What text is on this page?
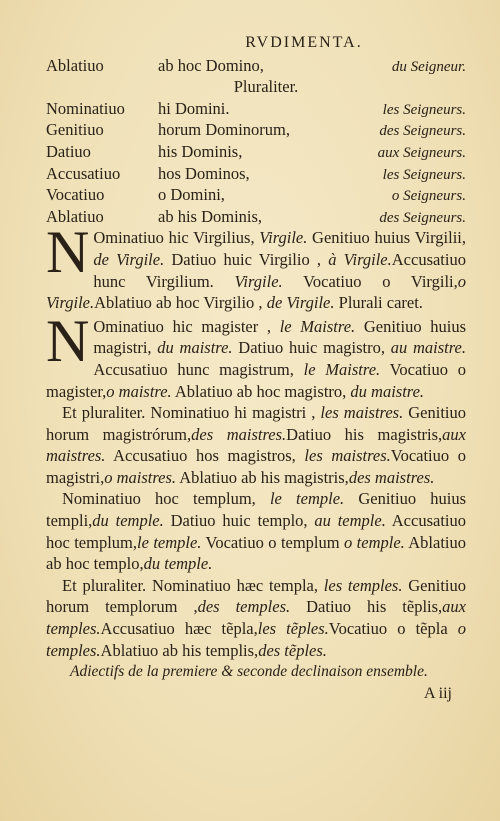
RVDIMENTA.
Ablatiuo	ab hoc Domino,	du Seigneur.
Pluraliter.
Nominatiuo	hi Domini.	les Seigneurs.
Genitiuo	horum Dominorum,	des Seigneurs.
Datiuo	his Dominis,	aux Seigneurs.
Accusatiuo	hos Dominos,	les Seigneurs.
Vocatiuo	o Domini,	o Seigneurs.
Ablatiuo	ab his Dominis,	des Seigneurs.

N Ominatiuo hic Virgilius, Virgile. Genitiuo huius Virgilii, de Virgile. Datiuo huic Virgilio , à Virgile.Accusatiuo hunc Virgilium. Virgile. Vocatiuo o Virgili,o Virgile.Ablatiuo ab hoc Virgilio , de Virgile. Plurali caret.

N Ominatiuo hic magister , le Maistre. Genitiuo huius magistri, du maistre. Datiuo huic magistro, au maistre. Accusatiuo hunc magistrum, le Maistre. Vocatiuo o magister,o maistre. Ablatiuo ab hoc magistro, du maistre.

Et pluraliter. Nominatiuo hi magistri , les maistres. Genitiuo horum magistrórum,des maistres.Datiuo his magistris,aux maistres. Accusatiuo hos magistros, les maistres.Vocatiuo o magistri,o maistres. Ablatiuo ab his magistris,des maistres.

Nominatiuo hoc templum, le temple. Genitiuo huius templi,du temple. Datiuo huic templo, au temple. Accusatiuo hoc templum,le temple. Vocatiuo o templum o temple. Ablatiuo ab hoc templo,du temple.

Et pluraliter. Nominatiuo hæc templa, les temples. Genitiuo horum templorum ,des temples. Datiuo his tẽplis,aux temples.Accusatiuo hæc tẽpla,les tẽples.Vocatiuo o tẽpla o temples.Ablatiuo ab his templis,des tẽples.

Adiectifs de la premiere & seconde declinaison ensemble.
A iij
